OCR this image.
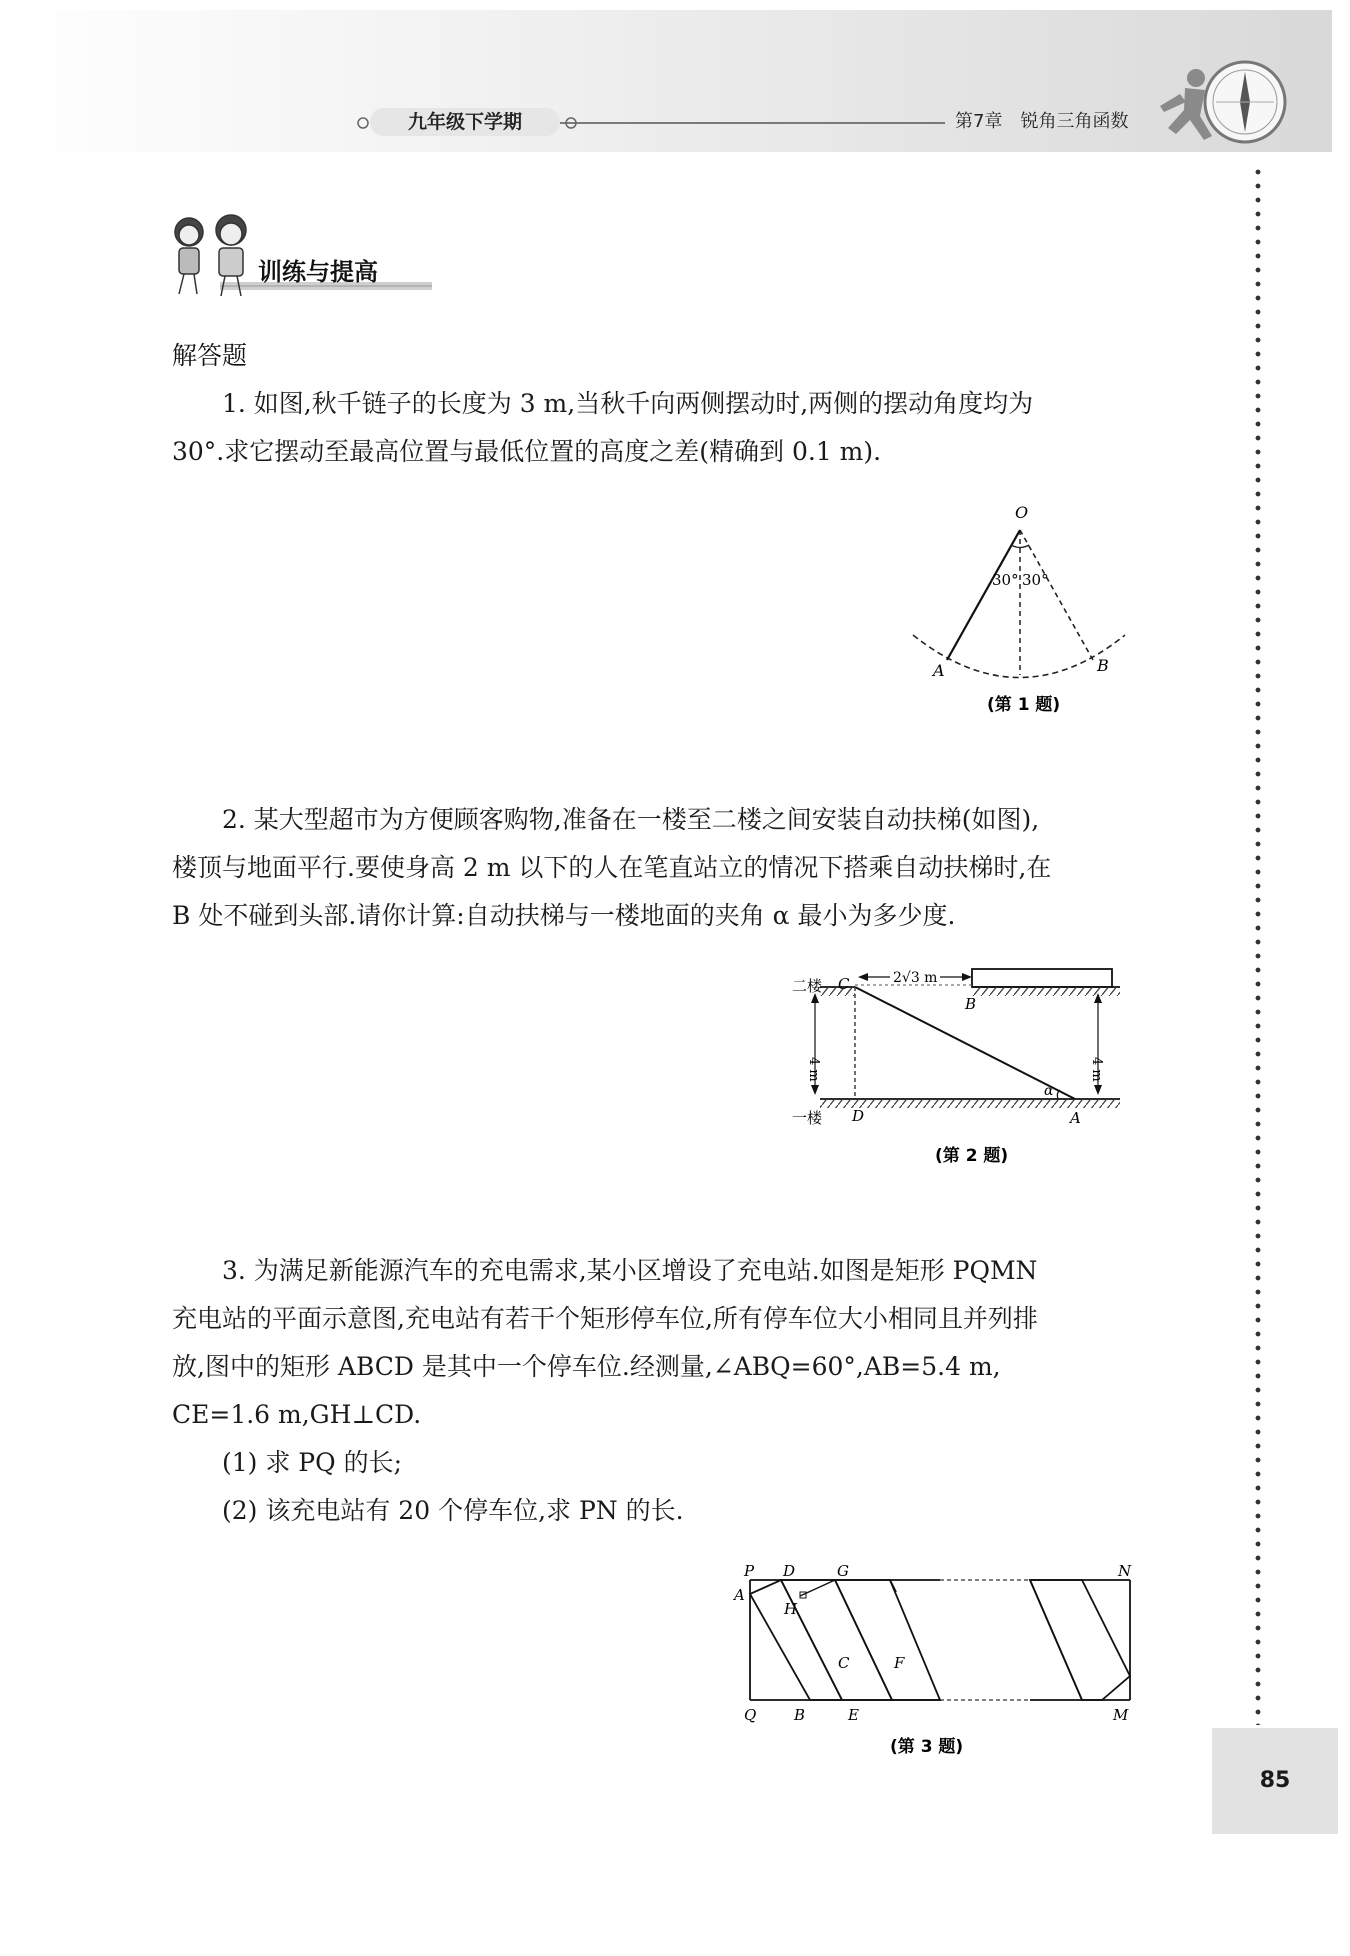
九年级下学期	第7章　锐角三角函数
训练与提高
解答题

1. 如图,秋千链子的长度为 3 m,当秋千向两侧摆动时,两侧的摆动角度均为

30°.求它摆动至最高位置与最低位置的高度之差(精确到 0.1 m).

O
30° 30°
A	B
(第 1 题)

2. 某大型超市为方便顾客购物,准备在一楼至二楼之间安装自动扶梯(如图),

楼顶与地面平行.要使身高 2 m 以下的人在笔直站立的情况下搭乘自动扶梯时,在

B 处不碰到头部.请你计算:自动扶梯与一楼地面的夹角 α 最小为多少度.

二楼 C	2√3 m
B
4 m	4 m
α
一楼 D	A
(第 2 题)

3. 为满足新能源汽车的充电需求,某小区增设了充电站.如图是矩形 PQMN

充电站的平面示意图,充电站有若干个矩形停车位,所有停车位大小相同且并列排

放,图中的矩形 ABCD 是其中一个停车位.经测量,∠ABQ=60°,AB=5.4 m,

CE=1.6 m,GH⊥CD.

(1) 求 PQ 的长;

(2) 该充电站有 20 个停车位,求 PN 的长.

P D	G	N
A
H
C	F
Q	B	E	M
(第 3 题)
85
